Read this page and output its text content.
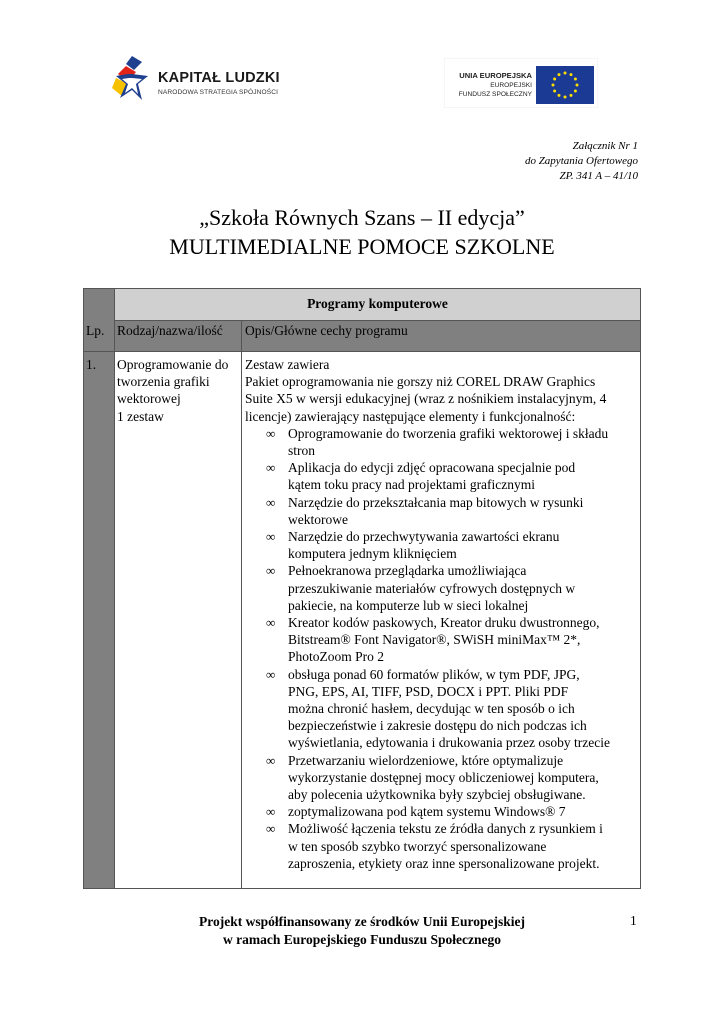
KAPITAŁ LUDZKI
NARODOWA STRATEGIA SPÓJNOŚCI
UNIA EUROPEJSKA
EUROPEJSKI
FUNDUSZ SPOŁECZNY
Załącznik Nr 1
do Zapytania Ofertowego
ZP. 341 A – 41/10
„Szkoła Równych Szans – II edycja”
MULTIMEDIALNE POMOCE SZKOLNE
Programy komputerowe
Lp. Rodzaj/nazwa/ilość Opis/Główne cechy programu
1. Oprogramowanie do
tworzenia grafiki
wektorowej
1 zestaw
Zestaw zawiera
Pakiet oprogramowania nie gorszy niż COREL DRAW Graphics
Suite X5 w wersji edukacyjnej (wraz z nośnikiem instalacyjnym, 4
licencje) zawierający następujące elementy i funkcjonalność:
∞ Oprogramowanie do tworzenia grafiki wektorowej i składu
stron
∞ Aplikacja do edycji zdjęć opracowana specjalnie pod
kątem toku pracy nad projektami graficznymi
∞ Narzędzie do przekształcania map bitowych w rysunki
wektorowe
∞ Narzędzie do przechwytywania zawartości ekranu
komputera jednym kliknięciem
∞ Pełnoekranowa przeglądarka umożliwiająca
przeszukiwanie materiałów cyfrowych dostępnych w
pakiecie, na komputerze lub w sieci lokalnej
∞ Kreator kodów paskowych, Kreator druku dwustronnego,
Bitstream® Font Navigator®, SWiSH miniMax™ 2*,
PhotoZoom Pro 2
∞ obsługa ponad 60 formatów plików, w tym PDF, JPG,
PNG, EPS, AI, TIFF, PSD, DOCX i PPT. Pliki PDF
można chronić hasłem, decydując w ten sposób o ich
bezpieczeństwie i zakresie dostępu do nich podczas ich
wyświetlania, edytowania i drukowania przez osoby trzecie
∞ Przetwarzaniu wielordzeniowe, które optymalizuje
wykorzystanie dostępnej mocy obliczeniowej komputera,
aby polecenia użytkownika były szybciej obsługiwane.
∞ zoptymalizowana pod kątem systemu Windows® 7
∞ Możliwość łączenia tekstu ze źródła danych z rysunkiem i
w ten sposób szybko tworzyć spersonalizowane
zaproszenia, etykiety oraz inne spersonalizowane projekt.
Projekt współfinansowany ze środków Unii Europejskiej
w ramach Europejskiego Funduszu Społecznego
1
